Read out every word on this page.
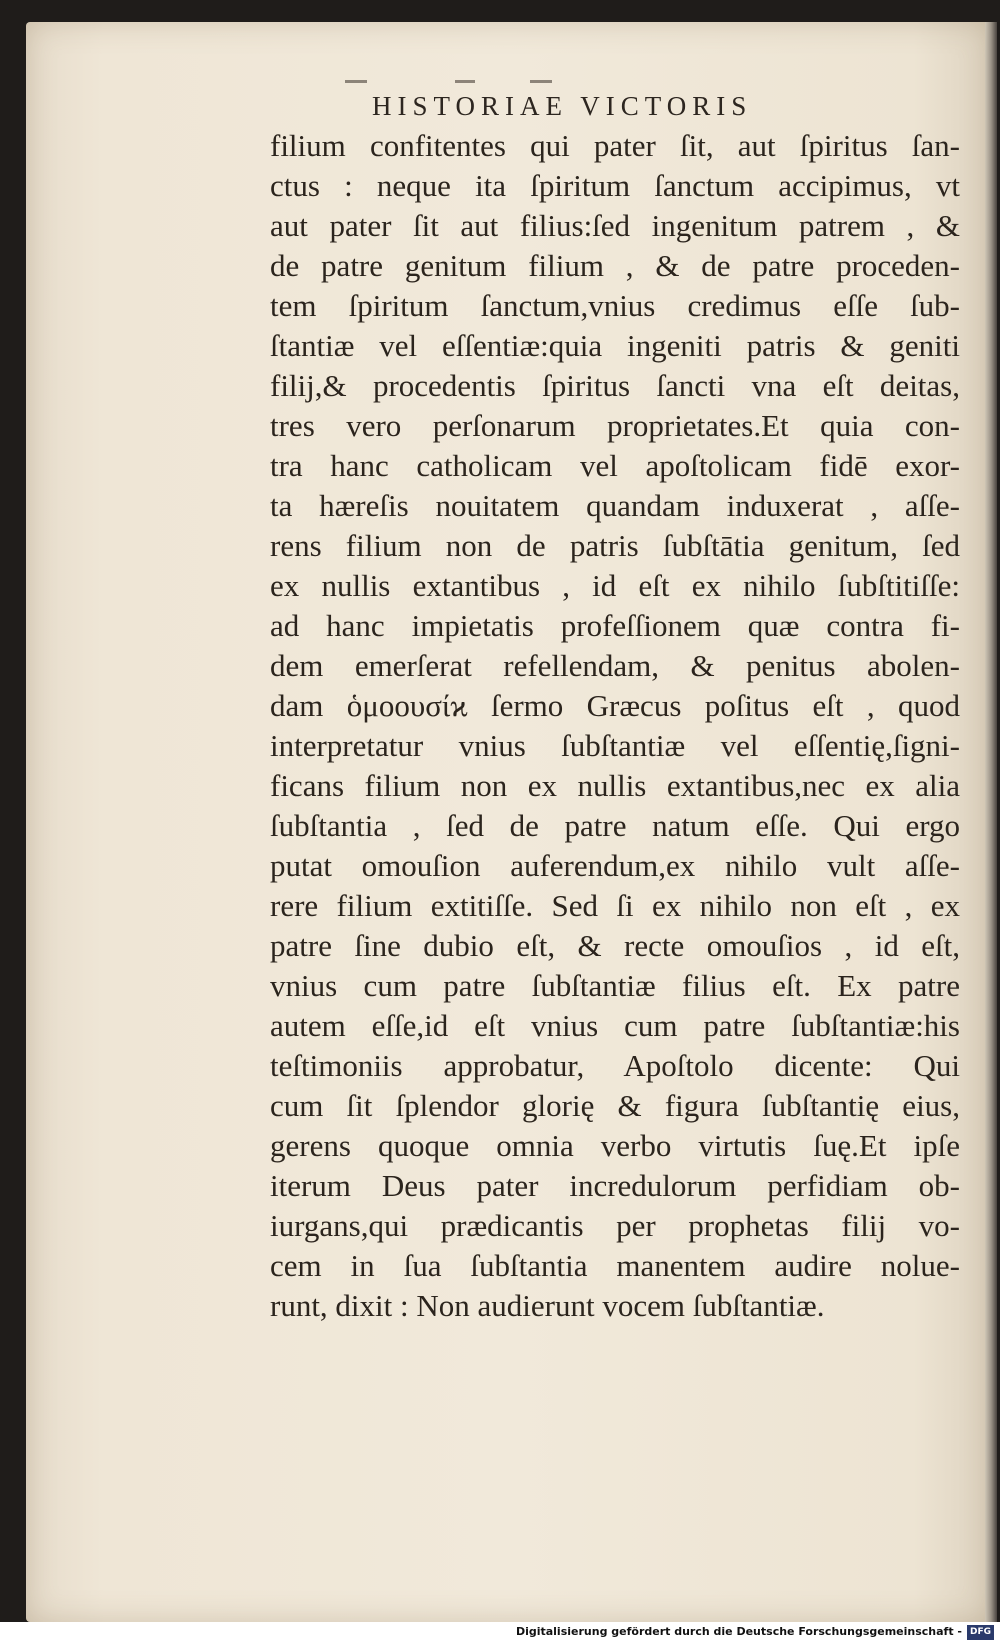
HISTORIAE VICTORIS
filium confitentes qui pater ſit, aut ſpiritus ſan-
ctus : neque ita ſpiritum ſanctum accipimus, vt
aut pater ſit aut filius:ſed ingenitum patrem , &
de patre genitum filium , & de patre proceden-
tem ſpiritum ſanctum,vnius credimus eſſe ſub-
ſtantiæ vel eſſentiæ:quia ingeniti patris & geniti
filij,& procedentis ſpiritus ſancti vna eſt deitas,
tres vero perſonarum proprietates.Et quia con-
tra hanc catholicam vel apoſtolicam fidē exor-
ta hæreſis nouitatem quandam induxerat , aſſe-
rens filium non de patris ſubſtātia genitum, ſed
ex nullis extantibus , id eſt ex nihilo ſubſtitiſſe:
ad hanc impietatis profeſſionem quæ contra fi-
dem emerſerat refellendam, & penitus abolen-
dam ὁμοουσίϰ ſermo Græcus poſitus eſt , quod
interpretatur vnius ſubſtantiæ vel eſſentię,ſigni-
ficans filium non ex nullis extantibus,nec ex alia
ſubſtantia , ſed de patre natum eſſe. Qui ergo
putat omouſion auferendum,ex nihilo vult aſſe-
rere filium extitiſſe. Sed ſi ex nihilo non eſt , ex
patre ſine dubio eſt, & recte omouſios , id eſt,
vnius cum patre ſubſtantiæ filius eſt. Ex patre
autem eſſe,id eſt vnius cum patre ſubſtantiæ:his
teſtimoniis approbatur, Apoſtolo dicente: Qui
cum ſit ſplendor glorię & figura ſubſtantię eius,
gerens quoque omnia verbo virtutis ſuę.Et ipſe
iterum Deus pater incredulorum perfidiam ob-
iurgans,qui prædicantis per prophetas filij vo-
cem in ſua ſubſtantia manentem audire nolue-
runt, dixit : Non audierunt vocem ſubſtantiæ.
Digitalisierung gefördert durch die Deutsche Forschungsgemeinschaft - DFG
